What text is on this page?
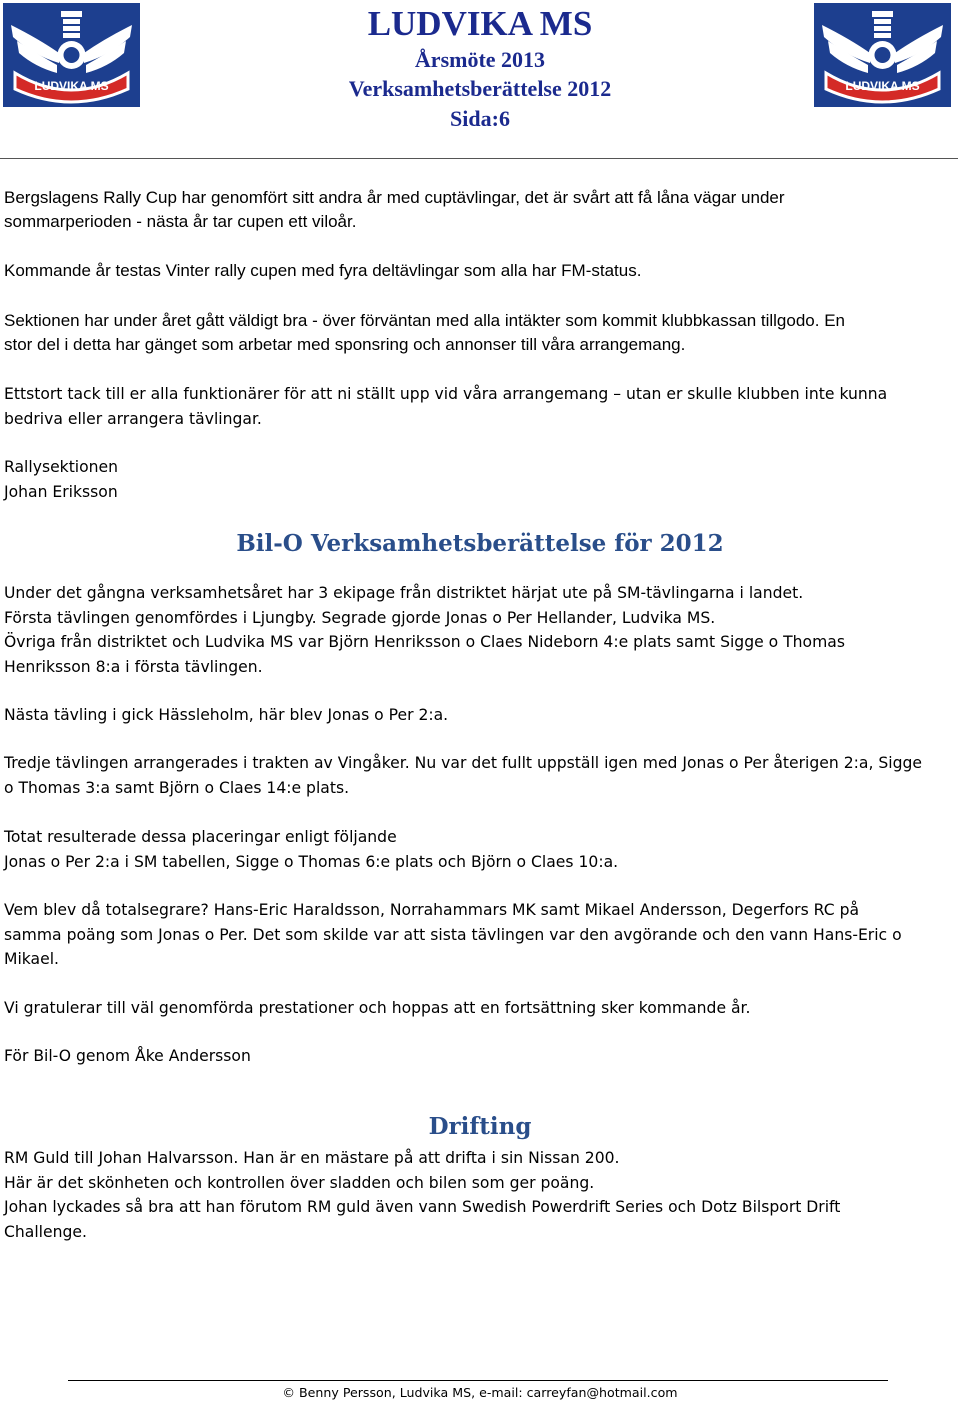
LUDVIKA MS	LUDVIKA MS
LUDVIKA MS
Årsmöte 2013
Verksamhetsberättelse 2012
Sida:6
Bergslagens Rally Cup har genomfört sitt andra år med cuptävlingar, det är svårt att få låna vägar under
sommarperioden - nästa år tar cupen ett viloår.
Kommande år testas Vinter rally cupen med fyra deltävlingar som alla har FM-status.
Sektionen har under året gått väldigt bra - över förväntan med alla intäkter som kommit klubbkassan tillgodo. En
stor del i detta har gänget som arbetar med sponsring och annonser till våra arrangemang.
Ettstort tack till er alla funktionärer för att ni ställt upp vid våra arrangemang – utan er skulle klubben inte kunna
bedriva eller arrangera tävlingar.
Rallysektionen
Johan Eriksson
Bil-O Verksamhetsberättelse för 2012
Under det gångna verksamhetsåret har 3 ekipage från distriktet härjat ute på SM-tävlingarna i landet.
Första tävlingen genomfördes i Ljungby. Segrade gjorde Jonas o Per Hellander, Ludvika MS.
Övriga från distriktet och Ludvika MS var Björn Henriksson o Claes Nideborn 4:e plats samt Sigge o Thomas
Henriksson 8:a i första tävlingen.
Nästa tävling i gick Hässleholm, här blev Jonas o Per 2:a.
Tredje tävlingen arrangerades i trakten av Vingåker. Nu var det fullt uppställ igen med Jonas o Per återigen 2:a, Sigge
o Thomas 3:a samt Björn o Claes 14:e plats.
Totat resulterade dessa placeringar enligt följande
Jonas o Per 2:a i SM tabellen, Sigge o Thomas 6:e plats och Björn o Claes 10:a.
Vem blev då totalsegrare? Hans-Eric Haraldsson, Norrahammars MK samt Mikael Andersson, Degerfors RC på
samma poäng som Jonas o Per. Det som skilde var att sista tävlingen var den avgörande och den vann Hans-Eric o
Mikael.
Vi gratulerar till väl genomförda prestationer och hoppas att en fortsättning sker kommande år.
För Bil-O genom Åke Andersson
Drifting
RM Guld till Johan Halvarsson. Han är en mästare på att drifta i sin Nissan 200.
Här är det skönheten och kontrollen över sladden och bilen som ger poäng.
Johan lyckades så bra att han förutom RM guld även vann Swedish Powerdrift Series och Dotz Bilsport Drift
Challenge.
© Benny Persson, Ludvika MS, e-mail: carreyfan@hotmail.com
